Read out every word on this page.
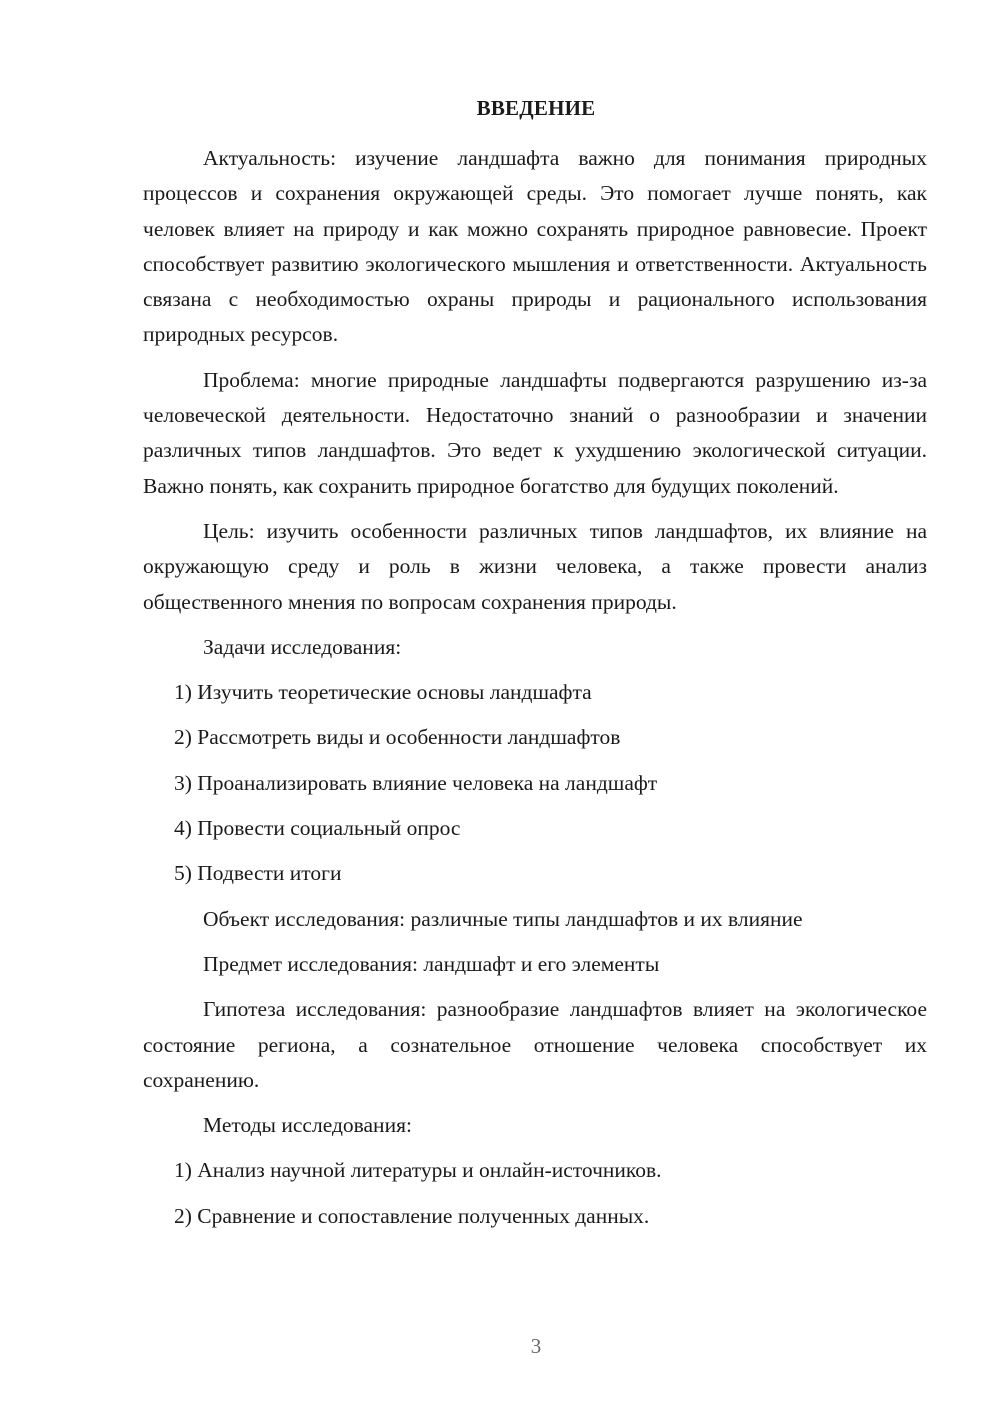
ВВЕДЕНИЕ

Актуальность: изучение ландшафта важно для понимания природных процессов и сохранения окружающей среды. Это помогает лучше понять, как человек влияет на природу и как можно сохранять природное равновесие. Проект способствует развитию экологического мышления и ответственности. Актуальность связана с необходимостью охраны природы и рационального использования природных ресурсов.

Проблема: многие природные ландшафты подвергаются разрушению из-за человеческой деятельности. Недостаточно знаний о разнообразии и значении различных типов ландшафтов. Это ведет к ухудшению экологической ситуации. Важно понять, как сохранить природное богатство для будущих поколений.

Цель: изучить особенности различных типов ландшафтов, их влияние на окружающую среду и роль в жизни человека, а также провести анализ общественного мнения по вопросам сохранения природы.

Задачи исследования:

1) Изучить теоретические основы ландшафта

2) Рассмотреть виды и особенности ландшафтов

3) Проанализировать влияние человека на ландшафт

4) Провести социальный опрос

5) Подвести итоги

Объект исследования: различные типы ландшафтов и их влияние

Предмет исследования: ландшафт и его элементы

Гипотеза исследования: разнообразие ландшафтов влияет на экологическое состояние региона, а сознательное отношение человека способствует их сохранению.

Методы исследования:

1) Анализ научной литературы и онлайн-источников.

2) Сравнение и сопоставление полученных данных.

3
